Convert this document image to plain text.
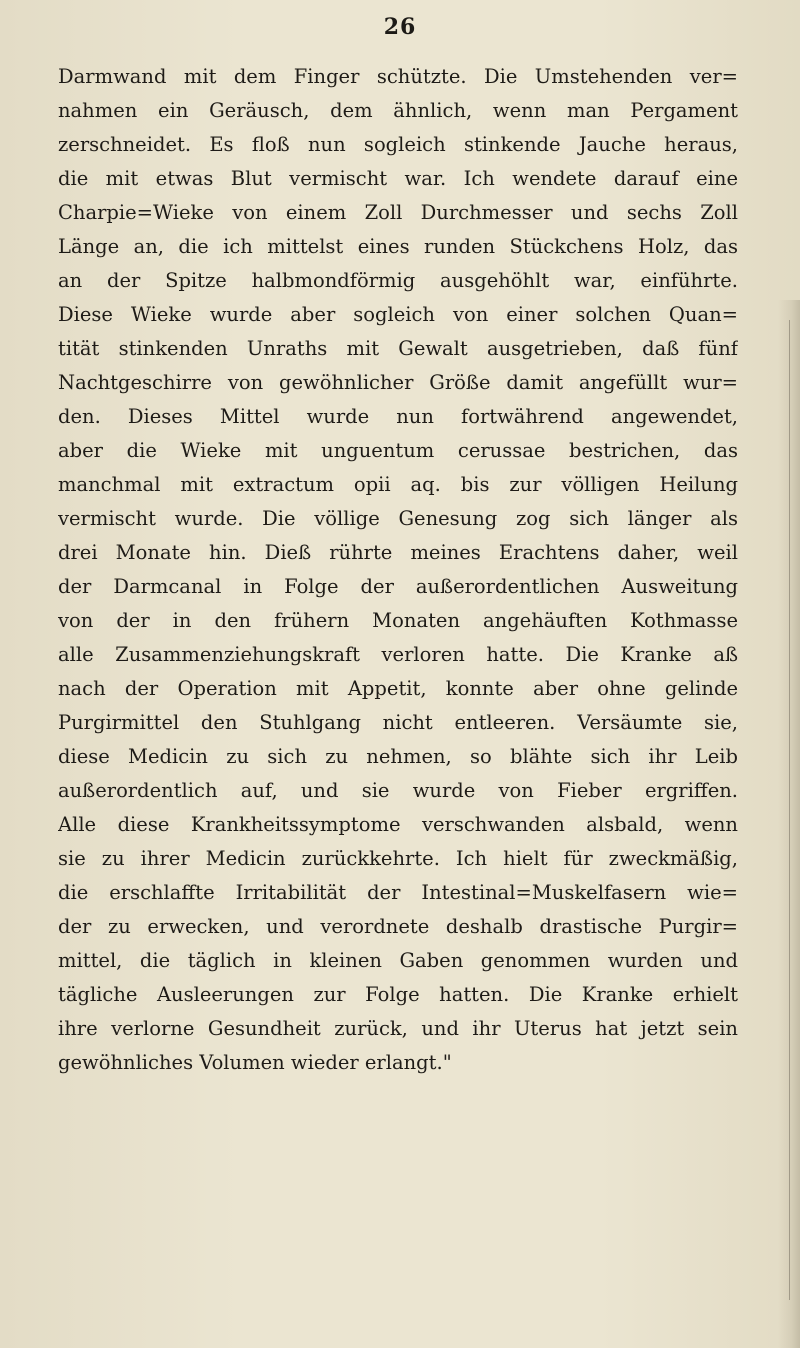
26
Darmwand mit dem Finger schützte. Die Umstehenden ver=
nahmen ein Geräusch, dem ähnlich, wenn man Pergament
zerschneidet. Es floß nun sogleich stinkende Jauche heraus,
die mit etwas Blut vermischt war. Ich wendete darauf eine
Charpie=Wieke von einem Zoll Durchmesser und sechs Zoll
Länge an, die ich mittelst eines runden Stückchens Holz, das
an der Spitze halbmondförmig ausgehöhlt war, einführte.
Diese Wieke wurde aber sogleich von einer solchen Quan=
tität stinkenden Unraths mit Gewalt ausgetrieben, daß fünf
Nachtgeschirre von gewöhnlicher Größe damit angefüllt wur=
den. Dieses Mittel wurde nun fortwährend angewendet,
aber die Wieke mit unguentum cerussae bestrichen, das
manchmal mit extractum opii aq. bis zur völligen Heilung
vermischt wurde. Die völlige Genesung zog sich länger als
drei Monate hin. Dieß rührte meines Erachtens daher, weil
der Darmcanal in Folge der außerordentlichen Ausweitung
von der in den frühern Monaten angehäuften Kothmasse
alle Zusammenziehungskraft verloren hatte. Die Kranke aß
nach der Operation mit Appetit, konnte aber ohne gelinde
Purgirmittel den Stuhlgang nicht entleeren. Versäumte sie,
diese Medicin zu sich zu nehmen, so blähte sich ihr Leib
außerordentlich auf, und sie wurde von Fieber ergriffen.
Alle diese Krankheitssymptome verschwanden alsbald, wenn
sie zu ihrer Medicin zurückkehrte. Ich hielt für zweckmäßig,
die erschlaffte Irritabilität der Intestinal=Muskelfasern wie=
der zu erwecken, und verordnete deshalb drastische Purgir=
mittel, die täglich in kleinen Gaben genommen wurden und
tägliche Ausleerungen zur Folge hatten. Die Kranke erhielt
ihre verlorne Gesundheit zurück, und ihr Uterus hat jetzt sein
gewöhnliches Volumen wieder erlangt."
